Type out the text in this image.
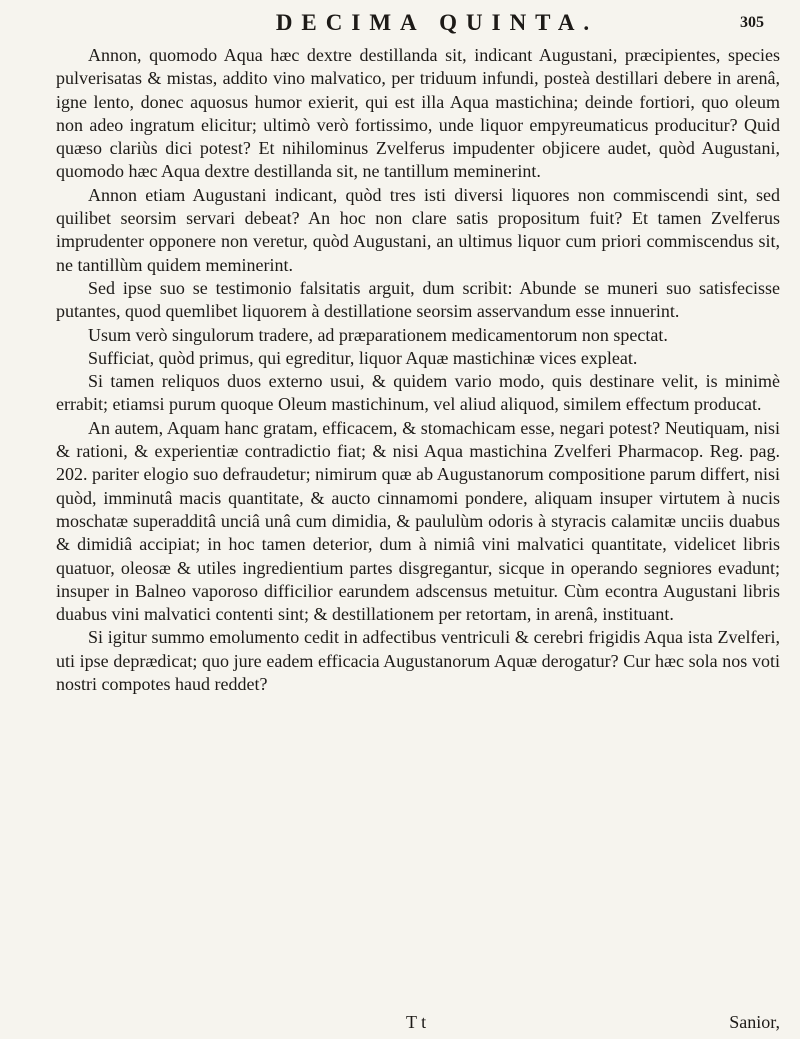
DECIMA QUINTA.	305

Annon, quomodo Aqua hæc dextre destillanda sit, indicant Augustani, præcipientes, species pulverisatas & mistas, addito vino malvatico, per triduum infundi, posteà destillari debere in arenâ, igne lento, donec aquosus humor exierit, qui est illa Aqua mastichina; deinde fortiori, quo oleum non adeo ingratum elicitur; ultimò verò fortissimo, unde liquor empyreumaticus producitur? Quid quæso clariùs dici potest? Et nihilominus Zvelferus impudenter objicere audet, quòd Augustani, quomodo hæc Aqua dextre destillanda sit, ne tantillum meminerint.

Annon etiam Augustani indicant, quòd tres isti diversi liquores non commiscendi sint, sed quilibet seorsim servari debeat? An hoc non clare satis propositum fuit? Et tamen Zvelferus imprudenter opponere non veretur, quòd Augustani, an ultimus liquor cum priori commiscendus sit, ne tantillùm quidem meminerint.

Sed ipse suo se testimonio falsitatis arguit, dum scribit: Abunde se muneri suo satisfecisse putantes, quod quemlibet liquorem à destillatione seorsim asservandum esse innuerint.

Usum verò singulorum tradere, ad præparationem medicamentorum non spectat.

Sufficiat, quòd primus, qui egreditur, liquor Aquæ mastichinæ vices expleat.

Si tamen reliquos duos externo usui, & quidem vario modo, quis destinare velit, is minimè errabit; etiamsi purum quoque Oleum mastichinum, vel aliud aliquod, similem effectum producat.

An autem, Aquam hanc gratam, efficacem, & stomachicam esse, negari potest? Neutiquam, nisi & rationi, & experientiæ contradictio fiat; & nisi Aqua mastichina Zvelferi Pharmacop. Reg. pag. 202. pariter elogio suo defraudetur; nimirum quæ ab Augustanorum compositione parum differt, nisi quòd, imminutâ macis quantitate, & aucto cinnamomi pondere, aliquam insuper virtutem à nucis moschatæ superadditâ unciâ unâ cum dimidia, & paululùm odoris à styracis calamitæ unciis duabus & dimidiâ accipiat; in hoc tamen deterior, dum à nimiâ vini malvatici quantitate, videlicet libris quatuor, oleosæ & utiles ingredientium partes disgregantur, sicque in operando segniores evadunt; insuper in Balneo vaporoso difficilior earundem adscensus metuitur. Cùm econtra Augustani libris duabus vini malvatici contenti sint; & destillationem per retortam, in arenâ, instituant.

Si igitur summo emolumento cedit in adfectibus ventriculi & cerebri frigidis Aqua ista Zvelferi, uti ipse deprædicat; quo jure eadem efficacia Augustanorum Aquæ derogatur? Cur hæc sola nos voti nostri compotes haud reddet?

T t	Sanior,
